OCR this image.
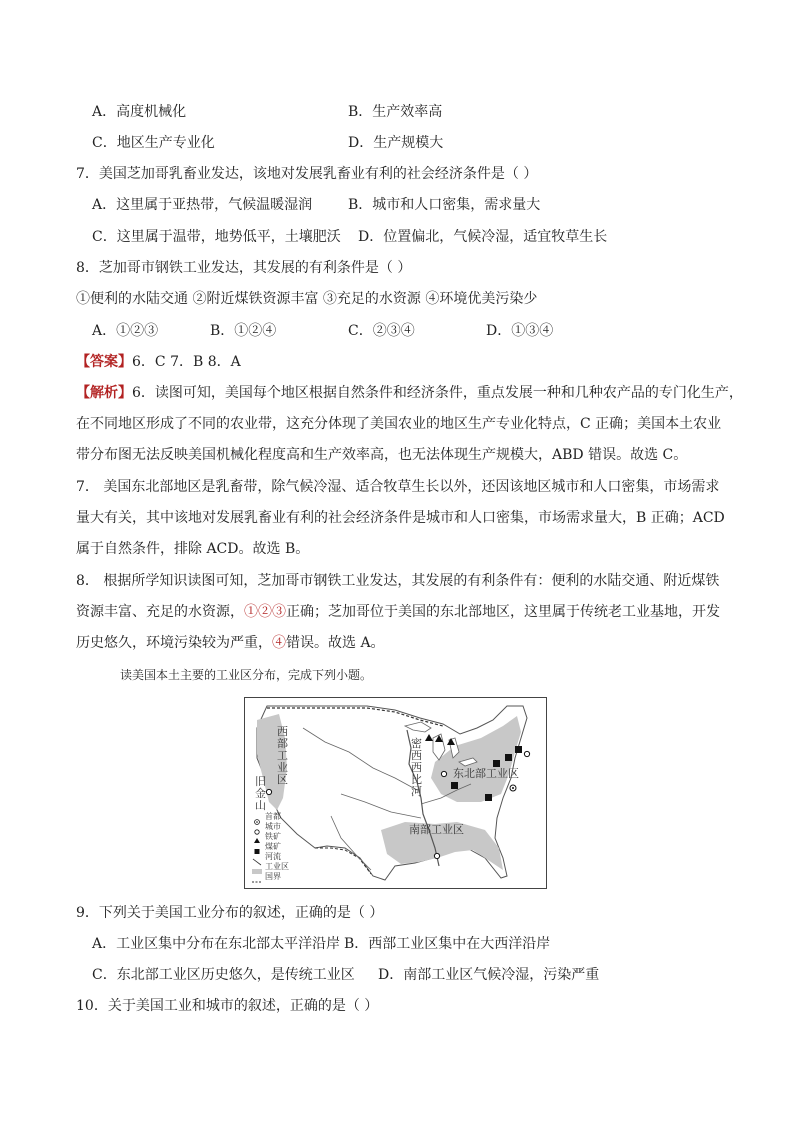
A．高度机械化	B．生产效率高
C．地区生产专业化	D．生产规模大
7．美国芝加哥乳畜业发达，该地对发展乳畜业有利的社会经济条件是（ ）
A．这里属于亚热带，气候温暖湿润	B．城市和人口密集，需求量大
C．这里属于温带，地势低平，土壤肥沃 D．位置偏北，气候冷湿，适宜牧草生长
8．芝加哥市钢铁工业发达，其发展的有利条件是（ ）
①便利的水陆交通 ②附近煤铁资源丰富 ③充足的水资源 ④环境优美污染少
A．①②③	B．①②④	C．②③④	D．①③④
【答案】6．C 7．B 8．A
【解析】6．读图可知，美国每个地区根据自然条件和经济条件，重点发展一种和几种农产品的专门化生产，
在不同地区形成了不同的农业带，这充分体现了美国农业的地区生产专业化特点，C 正确；美国本土农业
带分布图无法反映美国机械化程度高和生产效率高，也无法体现生产规模大，ABD 错误。故选 C。
7． 美国东北部地区是乳畜带，除气候冷湿、适合牧草生长以外，还因该地区城市和人口密集，市场需求
量大有关，其中该地对发展乳畜业有利的社会经济条件是城市和人口密集，市场需求量大，B 正确；ACD
属于自然条件，排除 ACD。故选 B。
8． 根据所学知识读图可知，芝加哥市钢铁工业发达，其发展的有利条件有：便利的水陆交通、附近煤铁
资源丰富、充足的水资源，①②③正确；芝加哥位于美国的东北部地区，这里属于传统老工业基地，开发
历史悠久，环境污染较为严重，④错误。故选 A。
读美国本土主要的工业区分布，完成下列小题。
西部工业区
旧金山
密西西比河
东北部工业区
南部工业区
首都
城市
铁矿
煤矿
河流
工业区
国界
9．下列关于美国工业分布的叙述，正确的是（ ）
A．工业区集中分布在东北部太平洋沿岸 B．西部工业区集中在大西洋沿岸
C．东北部工业区历史悠久，是传统工业区 D．南部工业区气候冷湿，污染严重
10．关于美国工业和城市的叙述，正确的是（ ）
